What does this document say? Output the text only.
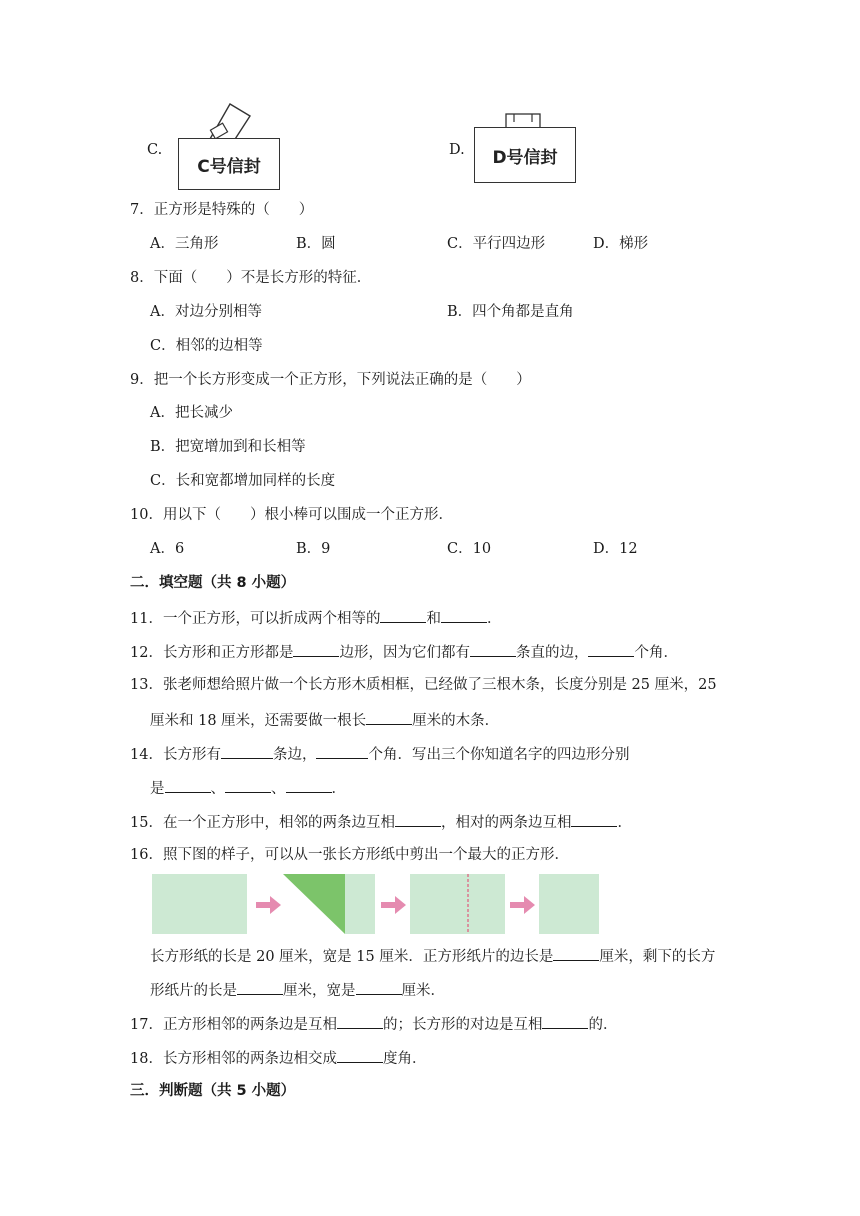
C.
C号信封
D.	D号信封
7．正方形是特殊的（　　）
A．三角形	B．圆	C．平行四边形	D．梯形
8．下面（　　）不是长方形的特征．
A．对边分别相等	B．四个角都是直角
C．相邻的边相等
9．把一个长方形变成一个正方形，下列说法正确的是（　　）
A．把长减少
B．把宽增加到和长相等
C．长和宽都增加同样的长度
10．用以下（　　）根小棒可以围成一个正方形．
A．6	B．9	C．10	D．12
二．填空题（共 8 小题）
11．一个正方形，可以折成两个相等的	和	．
12．长方形和正方形都是	边形，因为它们都有	条直的边，	个角．
13．张老师想给照片做一个长方形木质相框，已经做了三根木条，长度分别是 25 厘米，25
厘米和 18 厘米，还需要做一根长	厘米的木条．
14．长方形有	条边，	个角．写出三个你知道名字的四边形分别
是	、	、	．
15．在一个正方形中，相邻的两条边互相	，相对的两条边互相	．
16．照下图的样子，可以从一张长方形纸中剪出一个最大的正方形．
长方形纸的长是 20 厘米，宽是 15 厘米．正方形纸片的边长是	厘米，剩下的长方
形纸片的长是	厘米，宽是	厘米．
17．正方形相邻的两条边是互相	的；长方形的对边是互相	的．
18．长方形相邻的两条边相交成	度角．
三．判断题（共 5 小题）
